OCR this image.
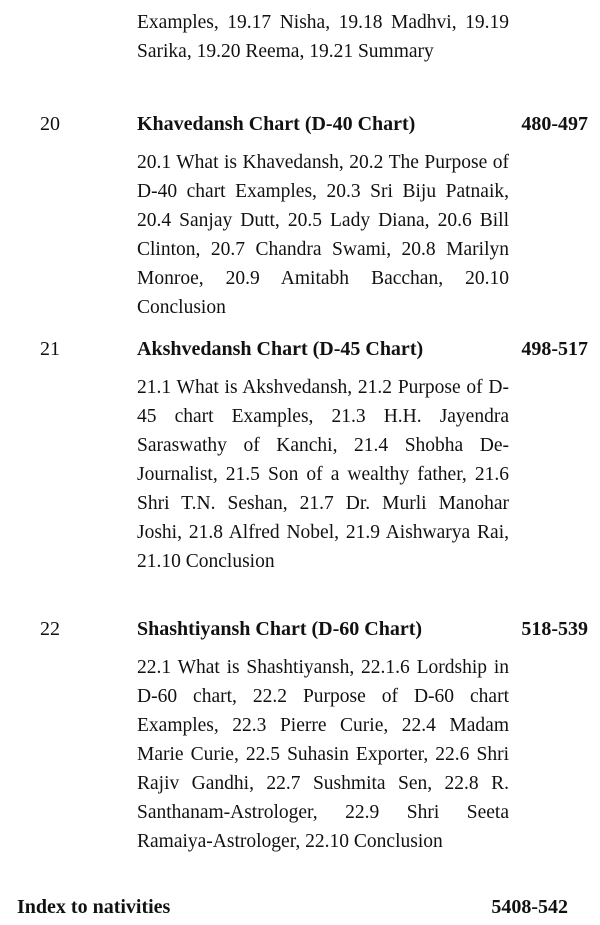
Examples, 19.17 Nisha, 19.18 Madhvi, 19.19 Sarika, 19.20 Reema, 19.21 Summary
20	Khavedansh Chart (D-40 Chart)	480-497
20.1 What is Khavedansh, 20.2 The Purpose of D-40 chart Examples, 20.3 Sri Biju Patnaik, 20.4 Sanjay Dutt, 20.5 Lady Diana, 20.6 Bill Clinton, 20.7 Chandra Swami, 20.8 Marilyn Monroe, 20.9 Amitabh Bacchan, 20.10 Conclusion
21	Akshvedansh Chart (D-45 Chart)	498-517
21.1 What is Akshvedansh, 21.2 Purpose of D-45 chart Examples, 21.3 H.H. Jayendra Saraswathy of Kanchi, 21.4 Shobha De-Journalist, 21.5 Son of a wealthy father, 21.6 Shri T.N. Seshan, 21.7 Dr. Murli Manohar Joshi, 21.8 Alfred Nobel, 21.9 Aishwarya Rai, 21.10 Conclusion
22	Shashtiyansh Chart (D-60 Chart)	518-539
22.1 What is Shashtiyansh, 22.1.6 Lordship in D-60 chart, 22.2 Purpose of D-60 chart Examples, 22.3 Pierre Curie, 22.4 Madam Marie Curie, 22.5 Suhasin Exporter, 22.6 Shri Rajiv Gandhi, 22.7 Sushmita Sen, 22.8 R. Santhanam-Astrologer, 22.9 Shri Seeta Ramaiya-Astrologer, 22.10 Conclusion
Index to nativities	5408-542
